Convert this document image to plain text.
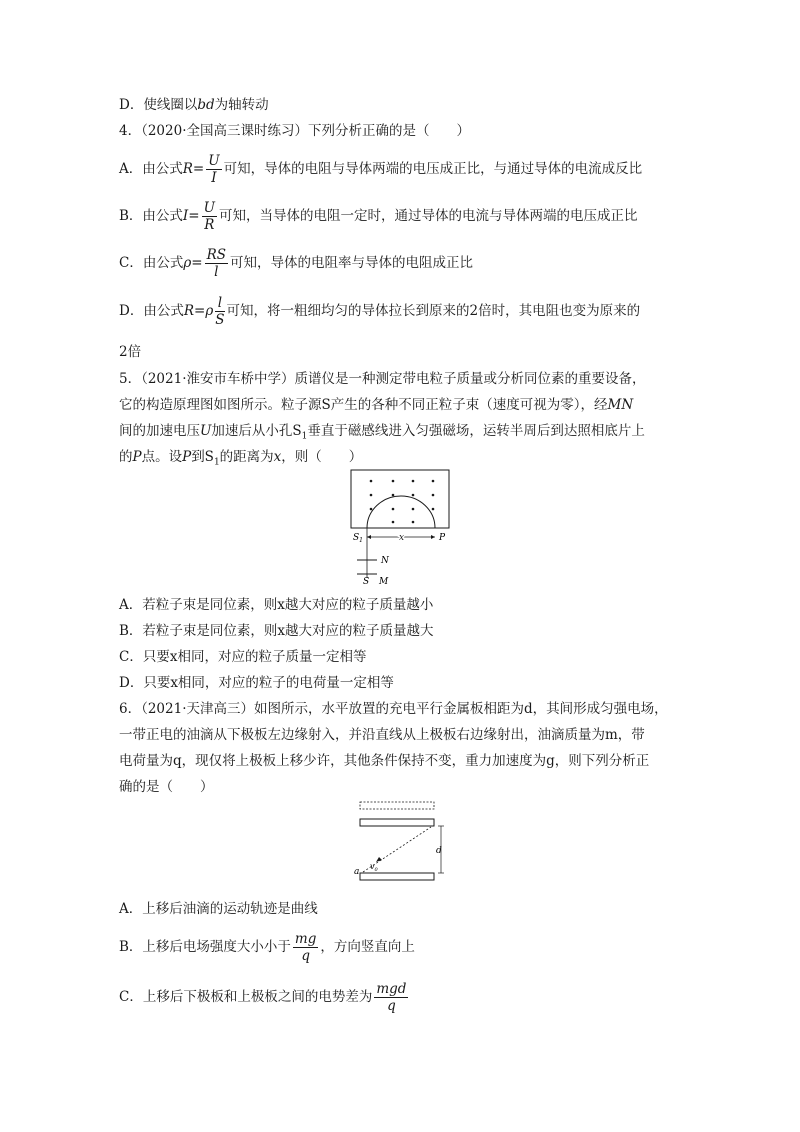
D．使线圈以bd为轴转动
4．（2020·全国高三课时练习）下列分析正确的是（　　）
A．由公式$R= \frac{U}{I}$ 可知，导体的电阻与导体两端的电压成正比，与通过导体的电流成反比
B．由公式$I= \frac{U}{R}$ 可知，当导体的电阻一定时，通过导体的电流与导体两端的电压成正比
C．由公式$\rho= \frac{RS}{l}$ 可知，导体的电阻率与导体的电阻成正比
D．由公式$R=\rho \frac{l}{S}$ 可知，将一粗细均匀的导体拉长到原来的2倍时，其电阻也变为原来的
2倍
5．（2021·淮安市车桥中学）质谱仪是一种测定带电粒子质量或分析同位素的重要设备，
它的构造原理图如图所示。粒子源S产生的各种不同正粒子束（速度可视为零），经MN
间的加速电压U加速后从小孔$S_1$垂直于磁感线进入匀强磁场，运转半周后到达照相底片上
的P点。设P到$S_1$的距离为x，则（　　）
$S_1$	x	P
N
S M
A．若粒子束是同位素，则x越大对应的粒子质量越小
B．若粒子束是同位素，则x越大对应的粒子质量越大
C．只要x相同，对应的粒子质量一定相等
D．只要x相同，对应的粒子的电荷量一定相等
6．（2021·天津高三）如图所示，水平放置的充电平行金属板相距为d，其间形成匀强电场，
一带正电的油滴从下极板左边缘射入，并沿直线从上极板右边缘射出，油滴质量为m，带
电荷量为q，现仅将上极板上移少许，其他条件保持不变，重力加速度为g，则下列分析正
确的是（　　）
d
a
$v_0$
A．上移后油滴的运动轨迹是曲线
B．上移后电场强度大小小于 $\frac{mg}{q}$ ，方向竖直向上
C．上移后下极板和上极板之间的电势差为 $\frac{\text{mgd}}{q}$
